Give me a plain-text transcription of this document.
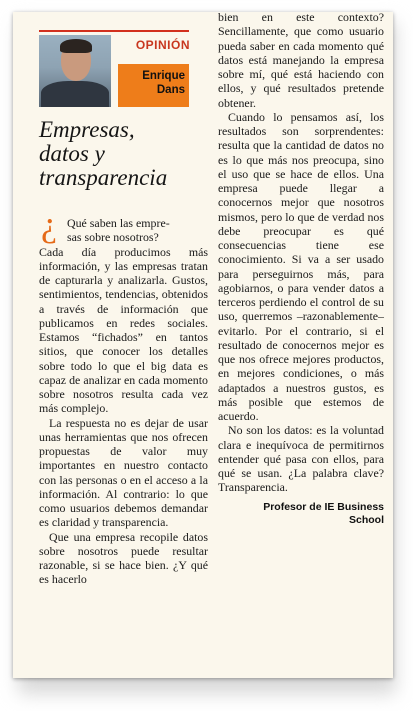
OPINIÓN
Enrique
Dans
Empresas,
datos y
transparencia
¿ Qué saben las empre-
sas sobre nosotros?

Cada día producimos más información, y las empresas tratan de capturarla y analizarla. Gustos, sentimientos, tendencias, obtenidos a través de información que publicamos en redes sociales. Estamos “fichados” en tantos sitios, que conocer los detalles sobre todo lo que el big data es capaz de analizar en cada momento sobre nosotros resulta cada vez más complejo.

La respuesta no es dejar de usar unas herramientas que nos ofrecen propuestas de valor muy importantes en nuestro contacto con las personas o en el acceso a la información. Al contrario: lo que como usuarios debemos demandar es claridad y transparencia.

Que una empresa recopile datos sobre nosotros puede resultar razonable, si se hace bien. ¿Y qué es hacerlo

bien en este contexto? Sencillamente, que como usuario pueda saber en cada momento qué datos está manejando la empresa sobre mí, qué está haciendo con ellos, y qué resultados pretende obtener.

Cuando lo pensamos así, los resultados son sorprendentes: resulta que la cantidad de datos no es lo que más nos preocupa, sino el uso que se hace de ellos. Una empresa puede llegar a conocernos mejor que nosotros mismos, pero lo que de verdad nos debe preocupar es qué consecuencias tiene ese conocimiento. Si va a ser usado para perseguirnos más, para agobiarnos, o para vender datos a terceros perdiendo el control de su uso, querremos –razonablemente– evitarlo. Por el contrario, si el resultado de conocernos mejor es que nos ofrece mejores productos, en mejores condiciones, o más adaptados a nuestros gustos, es más posible que estemos de acuerdo.

No son los datos: es la voluntad clara e inequívoca de permitirnos entender qué pasa con ellos, para qué se usan. ¿La palabra clave? Transparencia.

Profesor de IE Business
School
